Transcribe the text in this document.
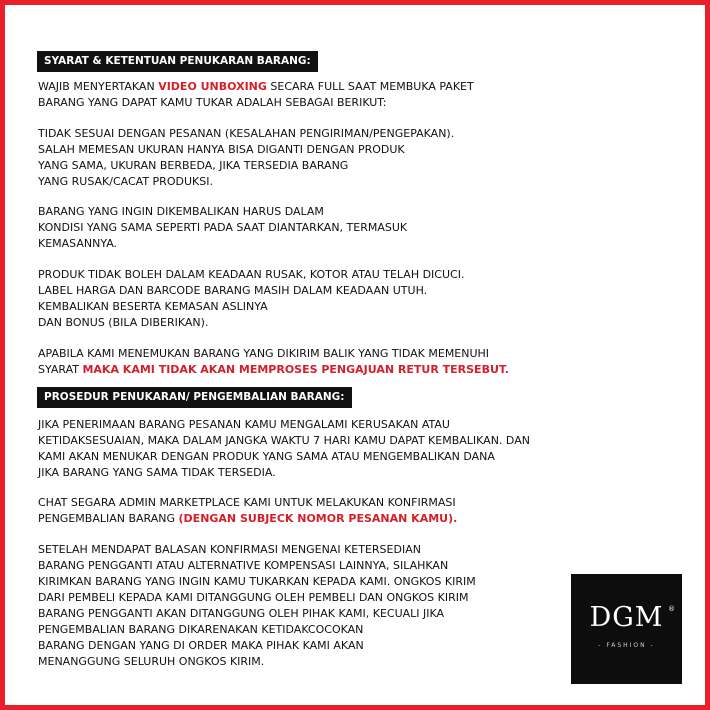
SYARAT & KETENTUAN PENUKARAN BARANG:
WAJIB MENYERTAKAN VIDEO UNBOXING SECARA FULL SAAT MEMBUKA PAKET
BARANG YANG DAPAT KAMU TUKAR ADALAH SEBAGAI BERIKUT:
TIDAK SESUAI DENGAN PESANAN (KESALAHAN PENGIRIMAN/PENGEPAKAN).
SALAH MEMESAN UKURAN HANYA BISA DIGANTI DENGAN PRODUK
YANG SAMA, UKURAN BERBEDA, JIKA TERSEDIA BARANG
YANG RUSAK/CACAT PRODUKSI.
BARANG YANG INGIN DIKEMBALIKAN HARUS DALAM
KONDISI YANG SAMA SEPERTI PADA SAAT DIANTARKAN, TERMASUK
KEMASANNYA.
PRODUK TIDAK BOLEH DALAM KEADAAN RUSAK, KOTOR ATAU TELAH DICUCI.
LABEL HARGA DAN BARCODE BARANG MASIH DALAM KEADAAN UTUH.
KEMBALIKAN BESERTA KEMASAN ASLINYA
DAN BONUS (BILA DIBERIKAN).
APABILA KAMI MENEMUKAN BARANG YANG DIKIRIM BALIK YANG TIDAK MEMENUHI
SYARAT MAKA KAMI TIDAK AKAN MEMPROSES PENGAJUAN RETUR TERSEBUT.
PROSEDUR PENUKARAN/ PENGEMBALIAN BARANG:
JIKA PENERIMAAN BARANG PESANAN KAMU MENGALAMI KERUSAKAN ATAU
KETIDAKSESUAIAN, MAKA DALAM JANGKA WAKTU 7 HARI KAMU DAPAT KEMBALIKAN. DAN
KAMI AKAN MENUKAR DENGAN PRODUK YANG SAMA ATAU MENGEMBALIKAN DANA
JIKA BARANG YANG SAMA TIDAK TERSEDIA.
CHAT SEGARA ADMIN MARKETPLACE KAMI UNTUK MELAKUKAN KONFIRMASI
PENGEMBALIAN BARANG (DENGAN SUBJECK NOMOR PESANAN KAMU).
SETELAH MENDAPAT BALASAN KONFIRMASI MENGENAI KETERSEDIAN
BARANG PENGGANTI ATAU ALTERNATIVE KOMPENSASI LAINNYA, SILAHKAN
KIRIMKAN BARANG YANG INGIN KAMU TUKARKAN KEPADA KAMI. ONGKOS KIRIM
DARI PEMBELI KEPADA KAMI DITANGGUNG OLEH PEMBELI DAN ONGKOS KIRIM
BARANG PENGGANTI AKAN DITANGGUNG OLEH PIHAK KAMI, KECUALI JIKA
PENGEMBALIAN BARANG DIKARENAKAN KETIDAKCOCOKAN
BARANG DENGAN YANG DI ORDER MAKA PIHAK KAMI AKAN
MENANGGUNG SELURUH ONGKOS KIRIM.
DGM ®
- FASHION -
